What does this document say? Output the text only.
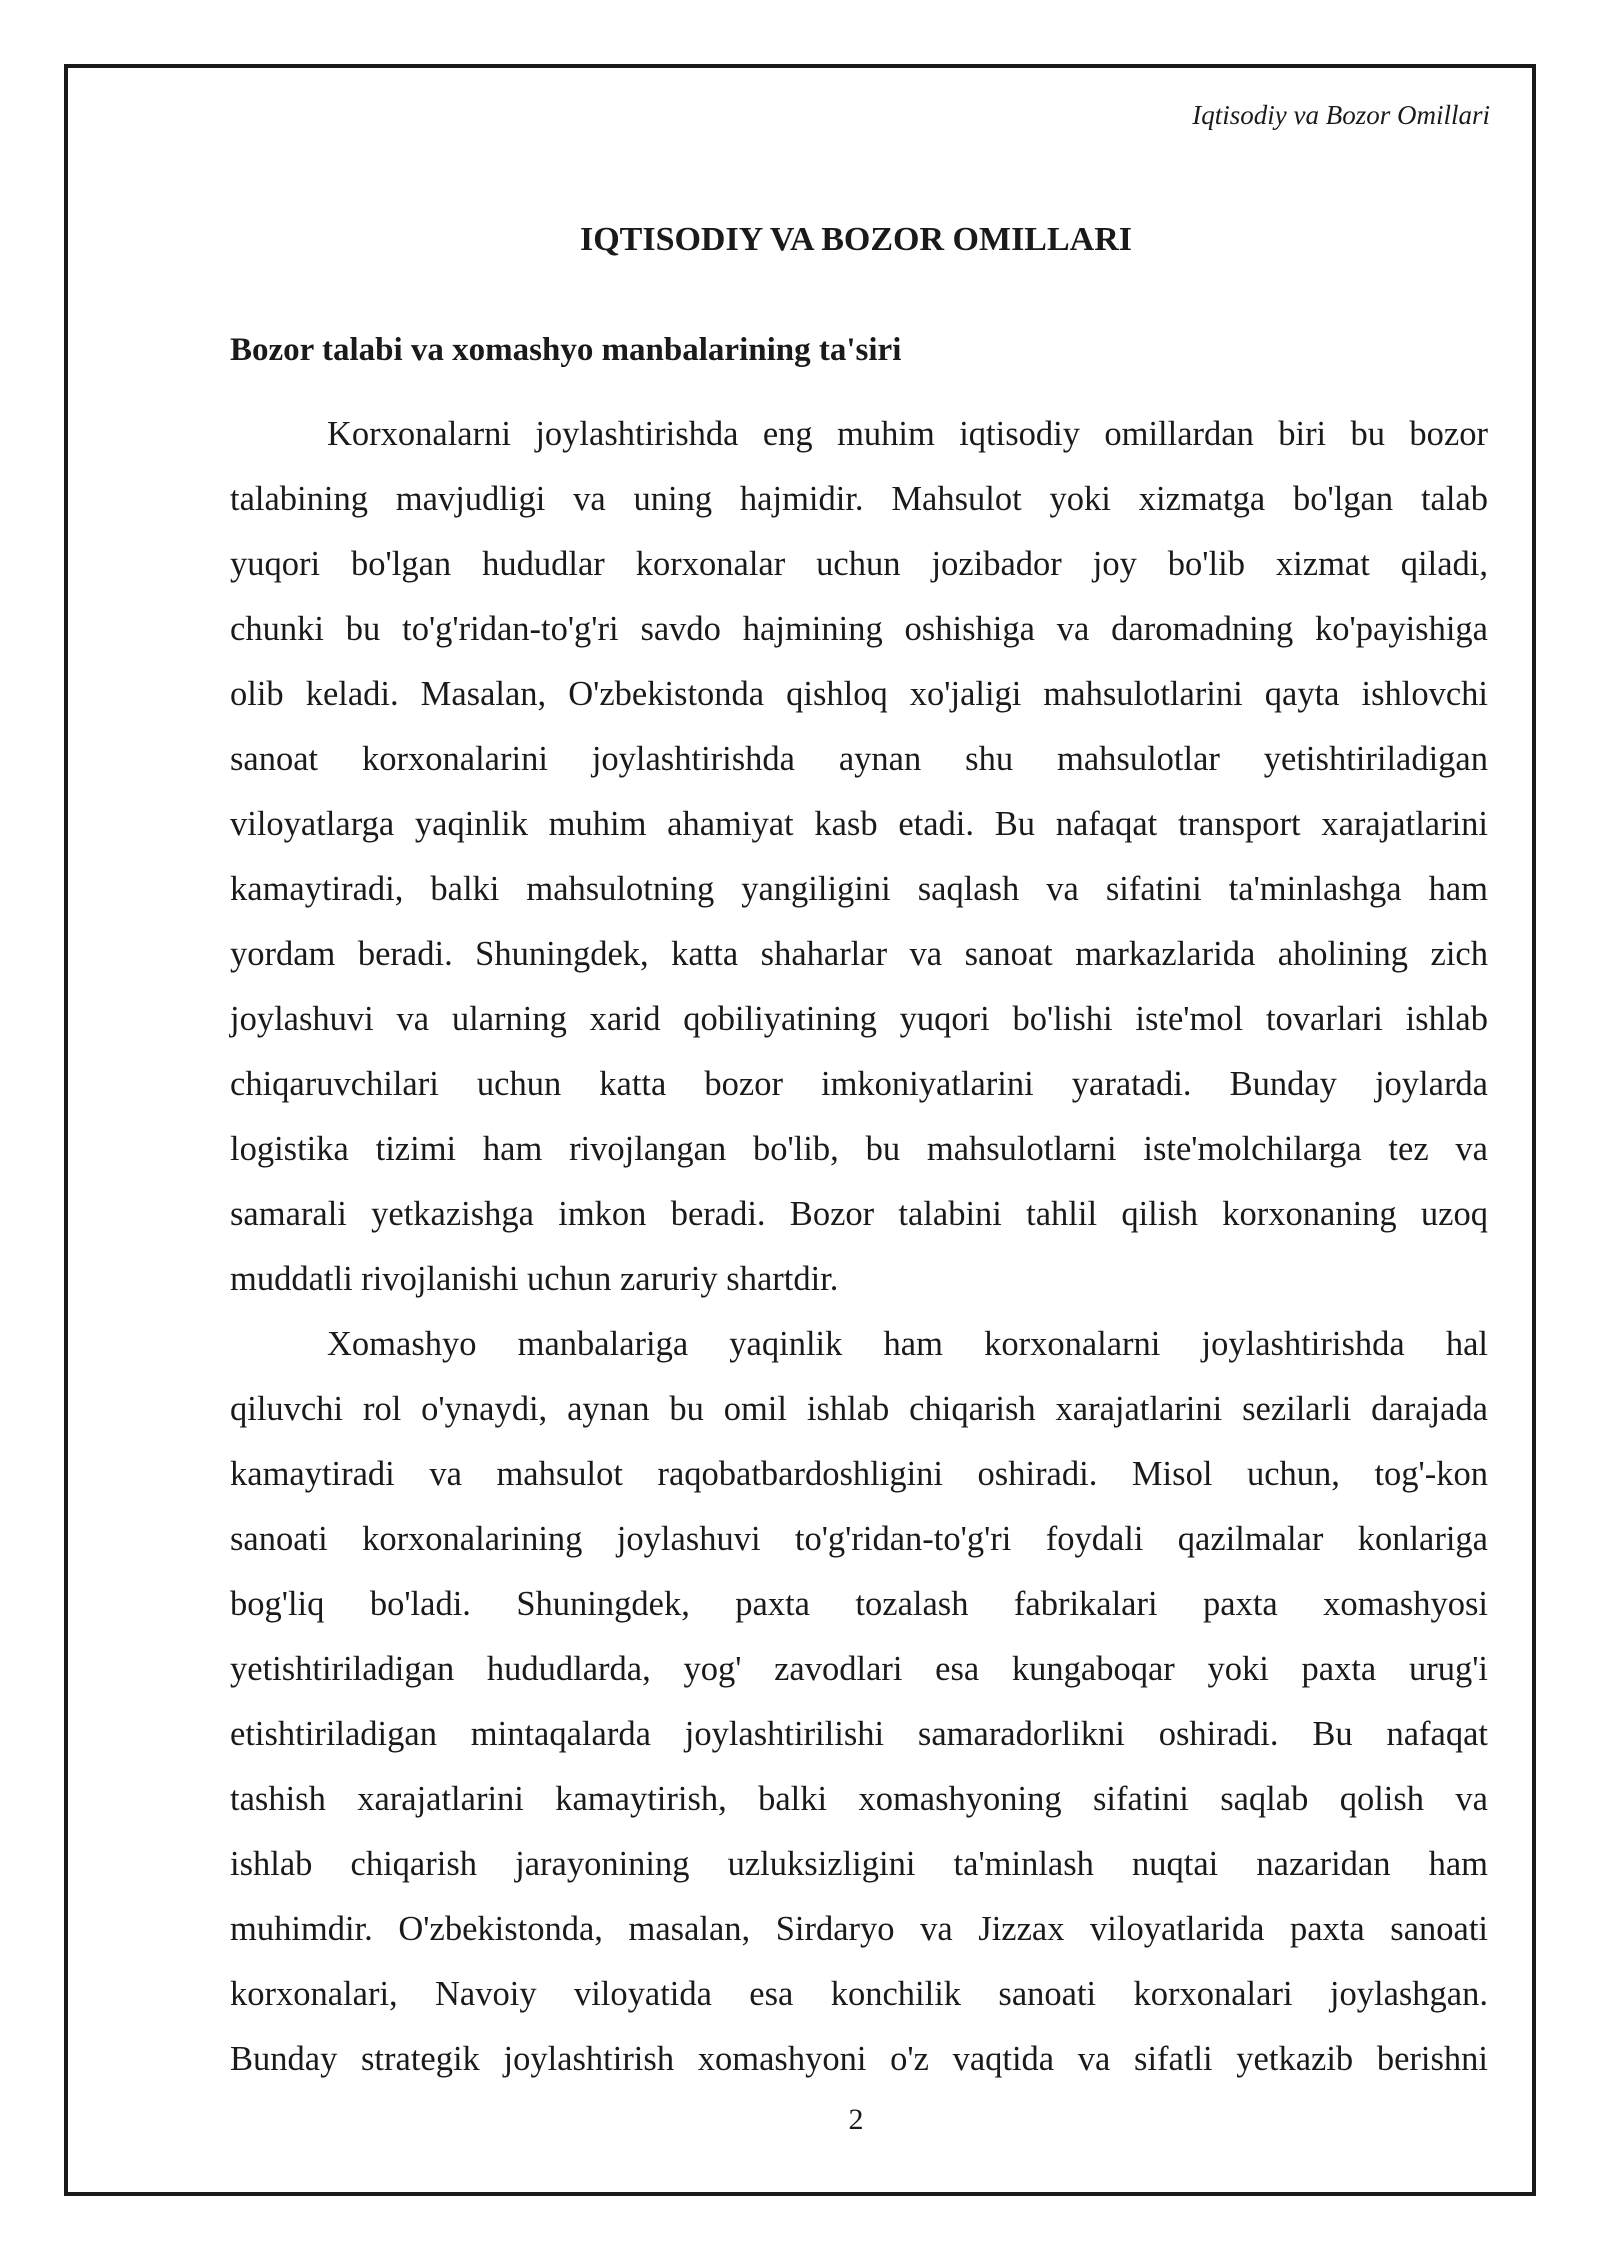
Iqtisodiy va Bozor Omillari
IQTISODIY VA BOZOR OMILLARI
Bozor talabi va xomashyo manbalarining ta'siri
Korxonalarni joylashtirishda eng muhim iqtisodiy omillardan biri bu bozor
talabining mavjudligi va uning hajmidir. Mahsulot yoki xizmatga bo'lgan talab
yuqori bo'lgan hududlar korxonalar uchun jozibador joy bo'lib xizmat qiladi,
chunki bu to'g'ridan-to'g'ri savdo hajmining oshishiga va daromadning ko'payishiga
olib keladi. Masalan, O'zbekistonda qishloq xo'jaligi mahsulotlarini qayta ishlovchi
sanoat korxonalarini joylashtirishda aynan shu mahsulotlar yetishtiriladigan
viloyatlarga yaqinlik muhim ahamiyat kasb etadi. Bu nafaqat transport xarajatlarini
kamaytiradi, balki mahsulotning yangiligini saqlash va sifatini ta'minlashga ham
yordam beradi. Shuningdek, katta shaharlar va sanoat markazlarida aholining zich
joylashuvi va ularning xarid qobiliyatining yuqori bo'lishi iste'mol tovarlari ishlab
chiqaruvchilari uchun katta bozor imkoniyatlarini yaratadi. Bunday joylarda
logistika tizimi ham rivojlangan bo'lib, bu mahsulotlarni iste'molchilarga tez va
samarali yetkazishga imkon beradi. Bozor talabini tahlil qilish korxonaning uzoq
muddatli rivojlanishi uchun zaruriy shartdir.
Xomashyo manbalariga yaqinlik ham korxonalarni joylashtirishda hal
qiluvchi rol o'ynaydi, aynan bu omil ishlab chiqarish xarajatlarini sezilarli darajada
kamaytiradi va mahsulot raqobatbardoshligini oshiradi. Misol uchun, tog'-kon
sanoati korxonalarining joylashuvi to'g'ridan-to'g'ri foydali qazilmalar konlariga
bog'liq bo'ladi. Shuningdek, paxta tozalash fabrikalari paxta xomashyosi
yetishtiriladigan hududlarda, yog' zavodlari esa kungaboqar yoki paxta urug'i
etishtiriladigan mintaqalarda joylashtirilishi samaradorlikni oshiradi. Bu nafaqat
tashish xarajatlarini kamaytirish, balki xomashyoning sifatini saqlab qolish va
ishlab chiqarish jarayonining uzluksizligini ta'minlash nuqtai nazaridan ham
muhimdir. O'zbekistonda, masalan, Sirdaryo va Jizzax viloyatlarida paxta sanoati
korxonalari, Navoiy viloyatida esa konchilik sanoati korxonalari joylashgan.
Bunday strategik joylashtirish xomashyoni o'z vaqtida va sifatli yetkazib berishni
2
